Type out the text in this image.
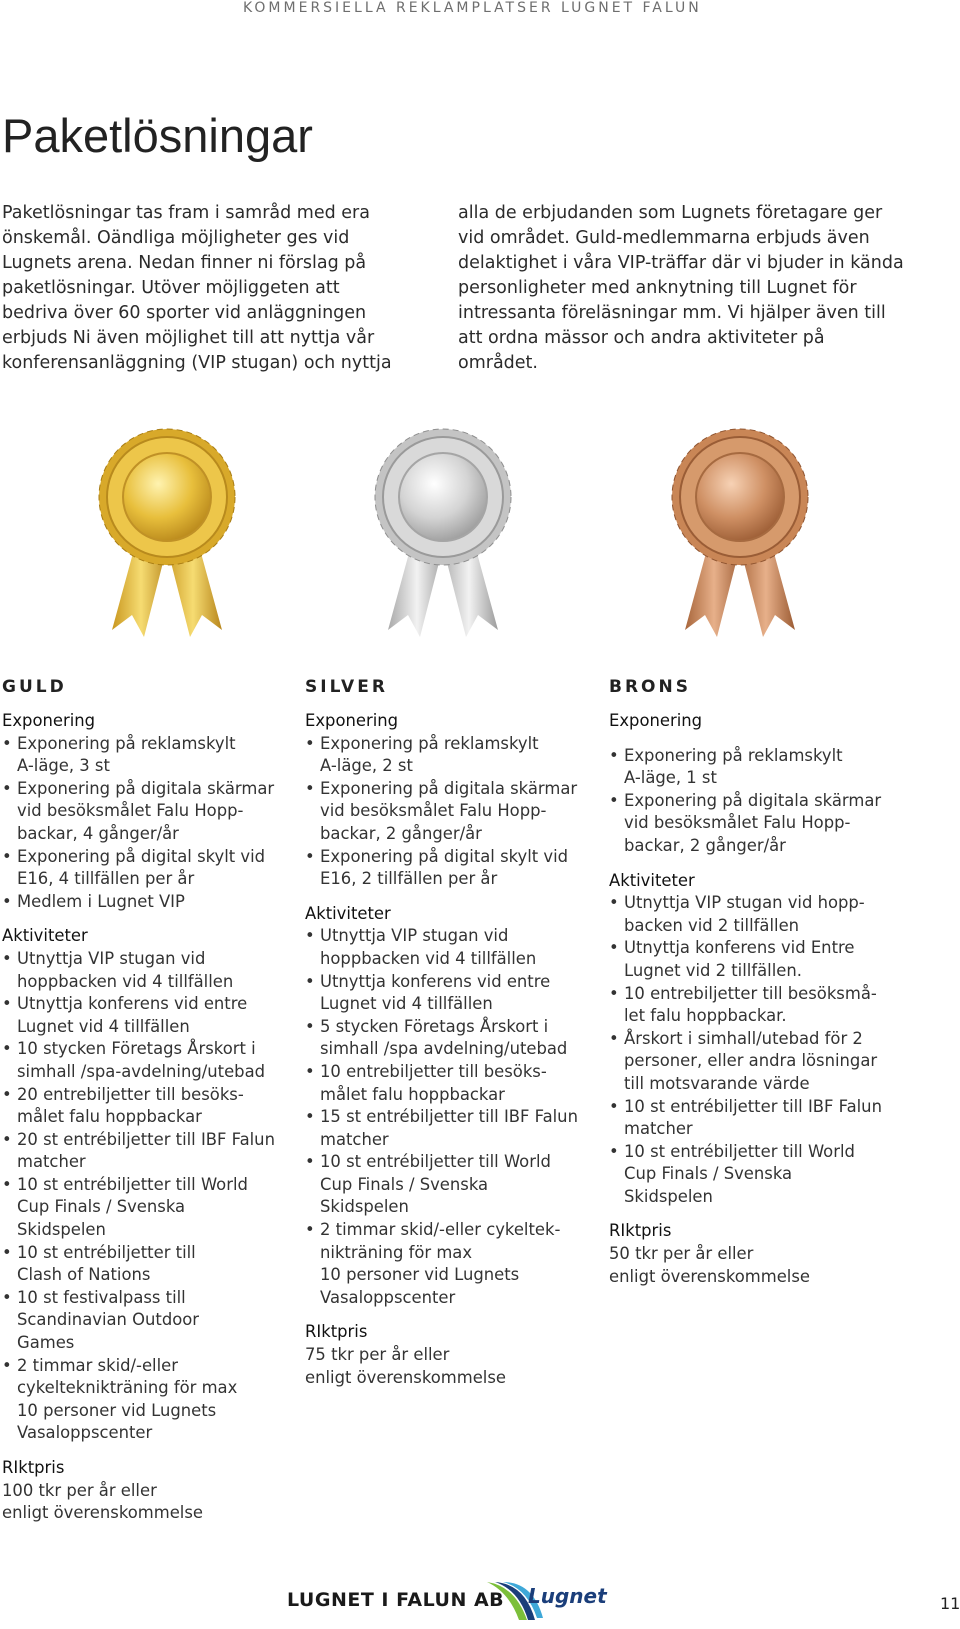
KOMMERSIELLA REKLAMPLATSER LUGNET FALUN
Paketlösningar

Paketlösningar tas fram i samråd med era önskemål. Oändliga möjligheter ges vid Lugnets arena. Nedan finner ni förslag på paketlösningar. Utöver möjliggeten att bedriva över 60 sporter vid anläggningen erbjuds Ni även möjlighet till att nyttja vår konferensanläggning (VIP stugan) och nyttja

alla de erbjudanden som Lugnets företagare ger vid området. Guld-medlemmarna erbjuds även delaktighet i våra VIP-träffar där vi bjuder in kända personligheter med anknytning till Lugnet för intressanta föreläsningar mm. Vi hjälper även till att ordna mässor och andra aktiviteter på området.

GULD
Exponering
• Exponering på reklamskylt
A-läge, 3 st
• Exponering på digitala skärmar
vid besöksmålet Falu Hopp-
backar, 4 gånger/år
• Exponering på digital skylt vid
E16, 4 tillfällen per år
• Medlem i Lugnet VIP
Aktiviteter
• Utnyttja VIP stugan vid
hoppbacken vid 4 tillfällen
• Utnyttja konferens vid entre
Lugnet vid 4 tillfällen
• 10 stycken Företags Årskort i
simhall /spa-avdelning/utebad
• 20 entrebiljetter till besöks-
målet falu hoppbackar
• 20 st entrébiljetter till IBF Falun
matcher
• 10 st entrébiljetter till World
Cup Finals / Svenska
Skidspelen
• 10 st entrébiljetter till
Clash of Nations
• 10 st festivalpass till
Scandinavian Outdoor
Games
• 2 timmar skid/-eller
cykelteknikträning för max
10 personer vid Lugnets
Vasaloppscenter
RIktpris

100 tkr per år eller
enligt överenskommelse

SILVER
Exponering
• Exponering på reklamskylt
A-läge, 2 st
• Exponering på digitala skärmar
vid besöksmålet Falu Hopp-
backar, 2 gånger/år
• Exponering på digital skylt vid
E16, 2 tillfällen per år
Aktiviteter
• Utnyttja VIP stugan vid
hoppbacken vid 4 tillfällen
• Utnyttja konferens vid entre
Lugnet vid 4 tillfällen
• 5 stycken Företags Årskort i
simhall /spa avdelning/utebad
• 10 entrebiljetter till besöks-
målet falu hoppbackar
• 15 st entrébiljetter till IBF Falun
matcher
• 10 st entrébiljetter till World
Cup Finals / Svenska
Skidspelen
• 2 timmar skid/-eller cykeltek-
nikträning för max
10 personer vid Lugnets
Vasaloppscenter
RIktpris

75 tkr per år eller
enligt överenskommelse

BRONS
Exponering
• Exponering på reklamskylt
A-läge, 1 st
• Exponering på digitala skärmar
vid besöksmålet Falu Hopp-
backar, 2 gånger/år
Aktiviteter
• Utnyttja VIP stugan vid hopp-
backen vid 2 tillfällen
• Utnyttja konferens vid Entre
Lugnet vid 2 tillfällen.
• 10 entrebiljetter till besöksmå-
let falu hoppbackar.
• Årskort i simhall/utebad för 2
personer, eller andra lösningar
till motsvarande värde
• 10 st entrébiljetter till IBF Falun
matcher
• 10 st entrébiljetter till World
Cup Finals / Svenska
Skidspelen
RIktpris

50 tkr per år eller
enligt överenskommelse

LUGNET I FALUN AB Lugnet	11
